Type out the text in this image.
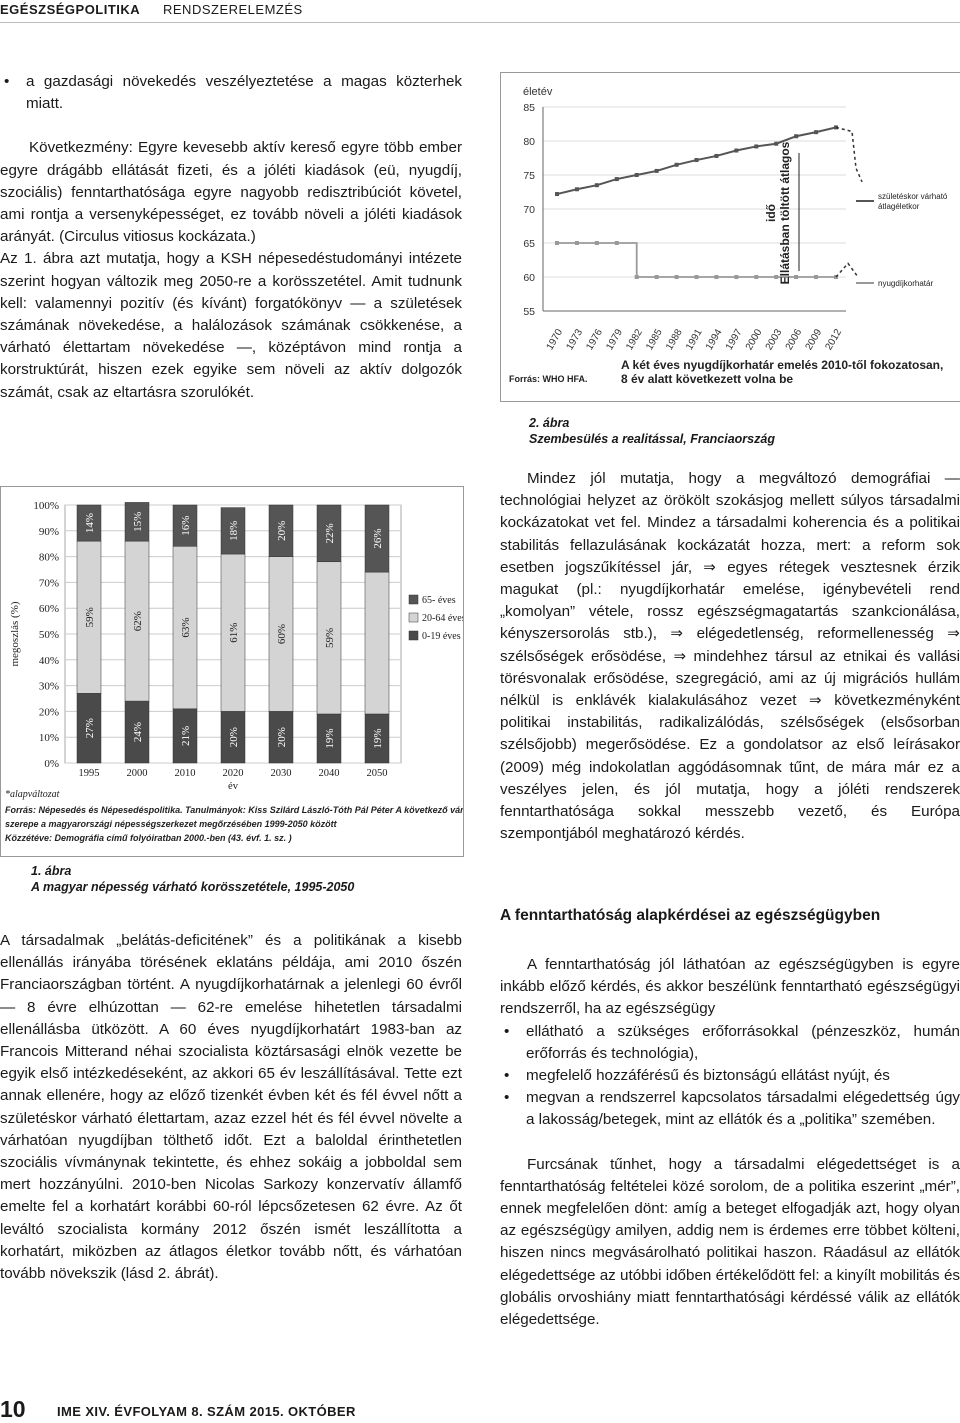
EGÉSZSÉGPOLITIKA RENDSZERELEMZÉS
• a gazdasági növekedés veszélyeztetése a magas közterhek miatt.

Következmény: Egyre kevesebb aktív kereső egyre több ember egyre drágább ellátását fizeti, és a jóléti kiadások (eü, nyugdíj, szociális) fenntarthatósága egyre nagyobb redisztribúciót követel, ami rontja a versenyképességet, ez tovább növeli a jóléti kiadások arányát. (Circulus vitiosus kockázata.)

Az 1. ábra azt mutatja, hogy a KSH népesedéstudományi intézete szerint hogyan változik meg 2050-re a korösszetétel. Amit tudnunk kell: valamennyi pozitív (és kívánt) forgatókönyv — a születések számának növekedése, a halálozások számának csökkenése, a várható élettartam növekedése —, középtávon mind rontja a korstruktúrát, hiszen ezek egyike sem növeli az aktív dolgozók számát, csak az eltartásra szorulókét.

0%
10%
20%
30%
40%
50%
60%
70%
80%
90%
100%
megoszlás (%)
27%
59%
14%
1995
24%
62%
15%
2000
21%
63%
16%
2010
20%
61%
18%
2020
20%
60%
20%
2030
19%
59%
22%
2040
19%
26%
2050
év
65- éves
20-64 éves
0-19 éves
*alapváltozat
Forrás: Népesedés és Népesedéspolitika. Tanulmányok: Kiss Szilárd László-Tóth Pál Péter A következő vándorlás
szerepe a magyarországi népességszerkezet megőrzésében 1999-2050 között
Közzétéve: Demográfia című folyóiratban 2000.-ben (43. évf. 1. sz. )
1. ábra
A magyar népesség várható korösszetétele, 1995-2050

A társadalmak „belátás-deficitének” és a politikának a kisebb ellenállás irányába törésének eklatáns példája, ami 2010 őszén Franciaországban történt. A nyugdíjkorhatárnak a jelenlegi 60 évről — 8 évre elhúzottan — 62-re emelése hihetetlen társadalmi ellenállásba ütközött. A 60 éves nyugdíjkorhatárt 1983-ban az Francois Mitterand néhai szocialista köztársasági elnök vezette be egyik első intézkedéseként, az akkori 65 év leszállításával. Tette ezt annak ellenére, hogy az előző tizenkét évben két és fél évvel nőtt a születéskor várható élettartam, azaz ezzel hét és fél évvel növelte a várhatóan nyugdíjban tölthető időt. Ezt a baloldal érinthetetlen szociális vívmánynak tekintette, és ehhez sokáig a jobboldal sem mert hozzányúlni. 2010-ben Nicolas Sarkozy konzervatív államfő emelte fel a korhatárt korábbi 60-ról lépcsőzetesen 62 évre. Az őt leváltó szocialista kormány 2012 őszén ismét leszállította a korhatárt, miközben az átlagos életkor tovább nőtt, és várhatóan tovább növekszik (lásd 2. ábrát).

életév
55
60
65
70
75
80
85
1970 1973 1976 1979 1982 1985 1988 1991 1994 1997 2000 2003 2006 2009 2012
Ellátásban töltött átlagos
idő
születéskor várható
átlagéletkor
nyugdíjkorhatár
A két éves nyugdíjkorhatár emelés 2010-től fokozatosan,
8 év alatt következett volna be
Forrás: WHO HFA.
2. ábra
Szembesülés a realitással, Franciaország

Mindez jól mutatja, hogy a megváltozó demográfiai — technológiai helyzet az örökölt szokásjog mellett súlyos társadalmi kockázatokat vet fel. Mindez a társadalmi koherencia és a politikai stabilitás fellazulásának kockázatát hozza, mert: a reform sok esetben jogszűkítéssel jár, ⇒ egyes rétegek vesztesnek érzik magukat (pl.: nyugdíjkorhatár emelése, igénybevételi rend „komolyan” vétele, rossz egészségmagatartás szankcionálása, kényszersorolás stb.), ⇒ elégedetlenség, reformellenesség ⇒ szélsőségek erősödése, ⇒ mindehhez társul az etnikai és vallási törésvonalak erősödése, szegregáció, ami az új migrációs hullám nélkül is enklávék kialakulásához vezet ⇒ következményként politikai instabilitás, radikalizálódás, szélsőségek (elsősorban szélsőjobb) megerősödése. Ez a gondolatsor az első leírásakor (2009) még indokolatlan aggódásomnak tűnt, de mára már ez a veszélyes jelen, és jól mutatja, hogy a jóléti rendszerek fenntarthatósága sokkal messzebb vezető, és Európa szempontjából meghatározó kérdés.

A fenntarthatóság alapkérdései az egészségügyben

A fenntarthatóság jól láthatóan az egészségügyben is egyre inkább előző kérdés, és akkor beszélünk fenntartható egészségügyi rendszerről, ha az egészségügy

• ellátható a szükséges erőforrásokkal (pénzeszköz, humán erőforrás és technológia),
• megfelelő hozzáférésű és biztonságú ellátást nyújt, és
• megvan a rendszerrel kapcsolatos társadalmi elégedettség úgy a lakosság/betegek, mint az ellátók és a „politika” szemében.

Furcsának tűnhet, hogy a társadalmi elégedettséget is a fenntarthatóság feltételei közé sorolom, de a politika eszerint „mér”, ennek megfelelően dönt: amíg a beteget elfogadják azt, hogy olyan az egészségügy amilyen, addig nem is érdemes erre többet költeni, hiszen nincs megvásárolható politikai haszon. Ráadásul az ellátók elégedettsége az utóbbi időben értékelődött fel: a kinyílt mobilitás és globális orvoshiány miatt fenntarthatósági kérdéssé válik az ellátók elégedettsége.

10 IME XIV. ÉVFOLYAM 8. SZÁM 2015. OKTÓBER
